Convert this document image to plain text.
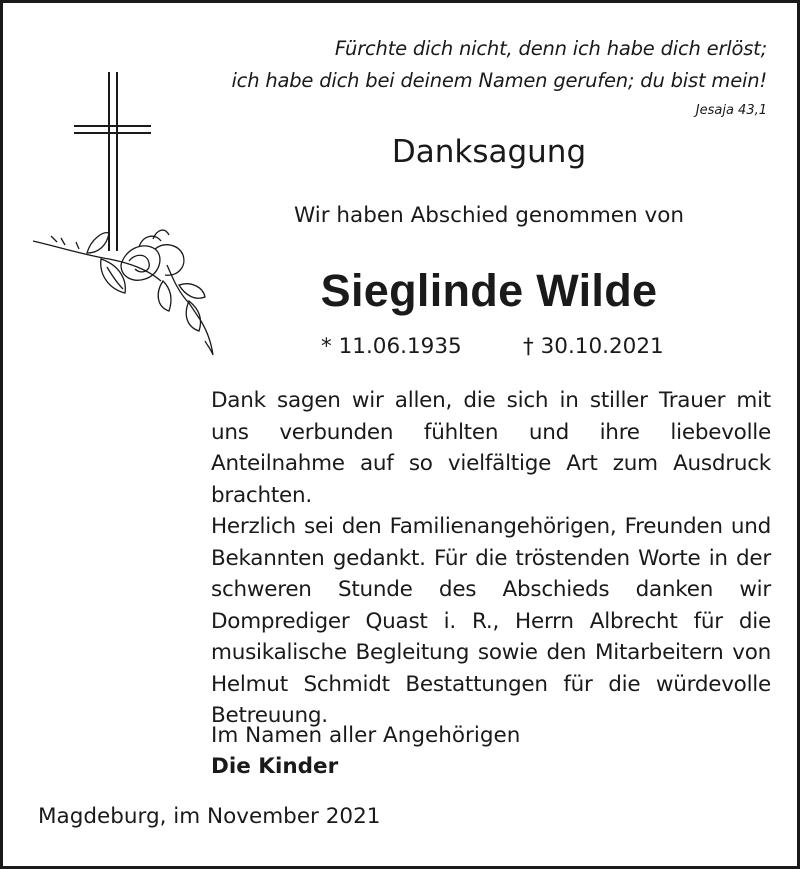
Fürchte dich nicht, denn ich habe dich erlöst;
ich habe dich bei deinem Namen gerufen; du bist mein!
Jesaja 43,1
Danksagung
Wir haben Abschied genommen von
Sieglinde Wilde
* 11.06.1935	† 30.10.2021

Dank sagen wir allen, die sich in stiller Trauer mit uns verbunden fühlten und ihre liebevolle Anteilnahme auf so vielfältige Art zum Ausdruck brachten.

Herzlich sei den Familienangehörigen, Freunden und Bekannten gedankt. Für die tröstenden Worte in der schweren Stunde des Abschieds danken wir Domprediger Quast i. R., Herrn Albrecht für die musikalische Begleitung sowie den Mitarbeitern von Helmut Schmidt Bestattungen für die würdevolle Betreuung.

Im Namen aller Angehörigen
Die Kinder
Magdeburg, im November 2021
